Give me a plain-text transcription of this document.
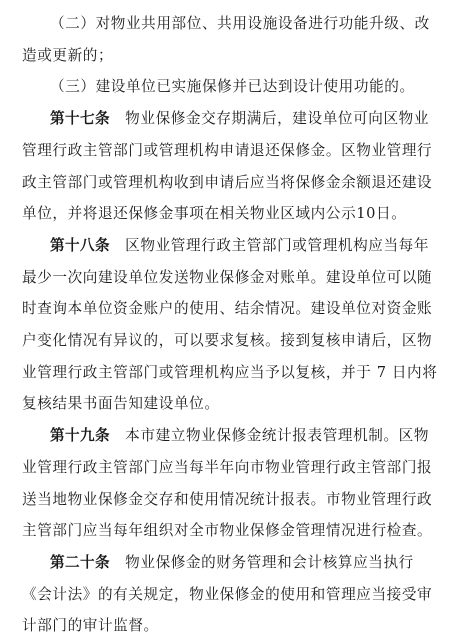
（二）对物业共用部位、共用设施设备进行功能升级、改
造或更新的；
（三）建设单位已实施保修并已达到设计使用功能的。
第十七条　物业保修金交存期满后，建设单位可向区物业
管理行政主管部门或管理机构申请退还保修金。区物业管理行
政主管部门或管理机构收到申请后应当将保修金余额退还建设
单位，并将退还保修金事项在相关物业区域内公示10日。
第十八条　区物业管理行政主管部门或管理机构应当每年
最少一次向建设单位发送物业保修金对账单。建设单位可以随
时查询本单位资金账户的使用、结余情况。建设单位对资金账
户变化情况有异议的，可以要求复核。接到复核申请后，区物
业管理行政主管部门或管理机构应当予以复核，并于 7 日内将
复核结果书面告知建设单位。
第十九条　本市建立物业保修金统计报表管理机制。区物
业管理行政主管部门应当每半年向市物业管理行政主管部门报
送当地物业保修金交存和使用情况统计报表。市物业管理行政
主管部门应当每年组织对全市物业保修金管理情况进行检查。
第二十条　物业保修金的财务管理和会计核算应当执行
《会计法》的有关规定，物业保修金的使用和管理应当接受审
计部门的审计监督。
